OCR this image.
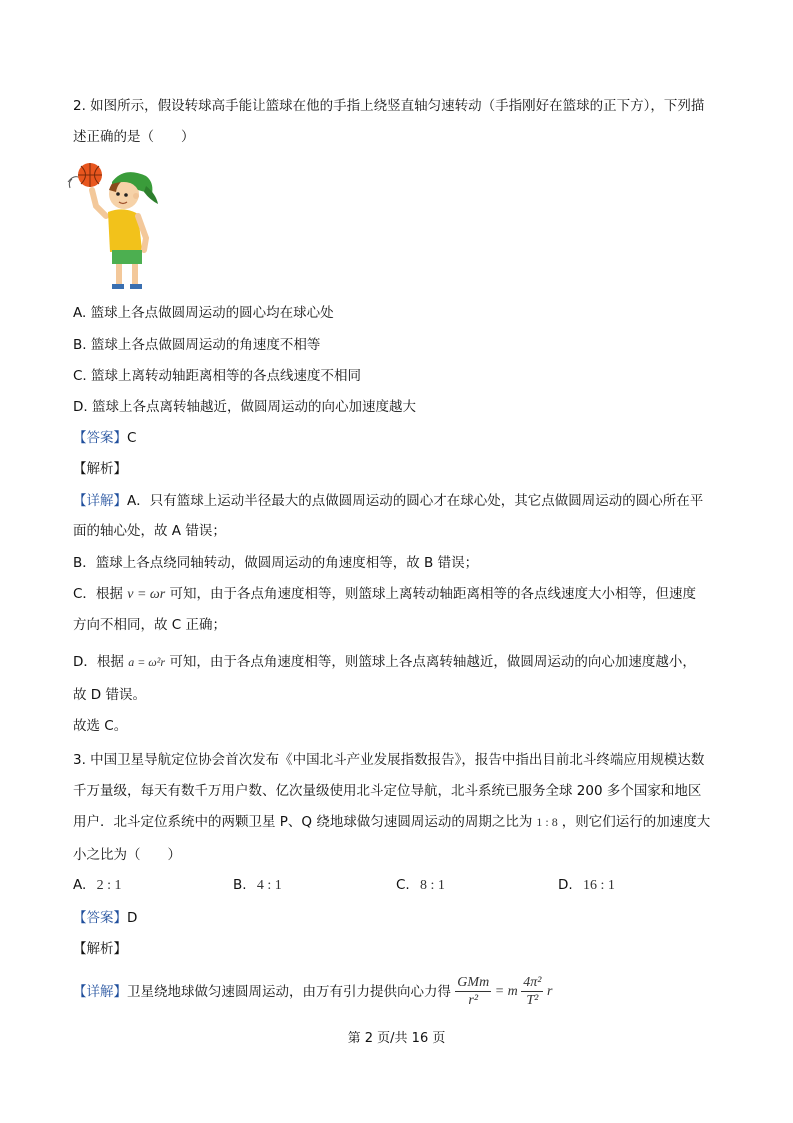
2. 如图所示，假设转球高手能让篮球在他的手指上绕竖直轴匀速转动（手指刚好在篮球的正下方），下列描
述正确的是（　　）
A. 篮球上各点做圆周运动的圆心均在球心处
B. 篮球上各点做圆周运动的角速度不相等
C. 篮球上离转动轴距离相等的各点线速度不相同
D. 篮球上各点离转轴越近，做圆周运动的向心加速度越大
【答案】C
【解析】
【详解】A．只有篮球上运动半径最大的点做圆周运动的圆心才在球心处，其它点做圆周运动的圆心所在平
面的轴心处，故 A 错误；
B．篮球上各点绕同轴转动，做圆周运动的角速度相等，故 B 错误；
C．根据 v = ωr 可知，由于各点角速度相等，则篮球上离转动轴距离相等的各点线速度大小相等，但速度
方向不相同，故 C 正确；
D．根据 a = ω²r 可知，由于各点角速度相等，则篮球上各点离转轴越近，做圆周运动的向心加速度越小，
故 D 错误。
故选 C。
3. 中国卫星导航定位协会首次发布《中国北斗产业发展指数报告》，报告中指出目前北斗终端应用规模达数
千万量级，每天有数千万用户数、亿次量级使用北斗定位导航，北斗系统已服务全球 200 多个国家和地区
用户．北斗定位系统中的两颗卫星 P、Q 绕地球做匀速圆周运动的周期之比为 1 : 8 ，则它们运行的加速度大
小之比为（　　）
A. 2 : 1	B. 4 : 1	C. 8 : 1	D. 16 : 1
【答案】D
【解析】
【详解】卫星绕地球做匀速圆周运动，由万有引力提供向心力得 $\frac{\text{GMm}}{\text{r²}} = m \frac{\text{4π²}}{\text{T²}}$ r
第 2 页/共 16 页
